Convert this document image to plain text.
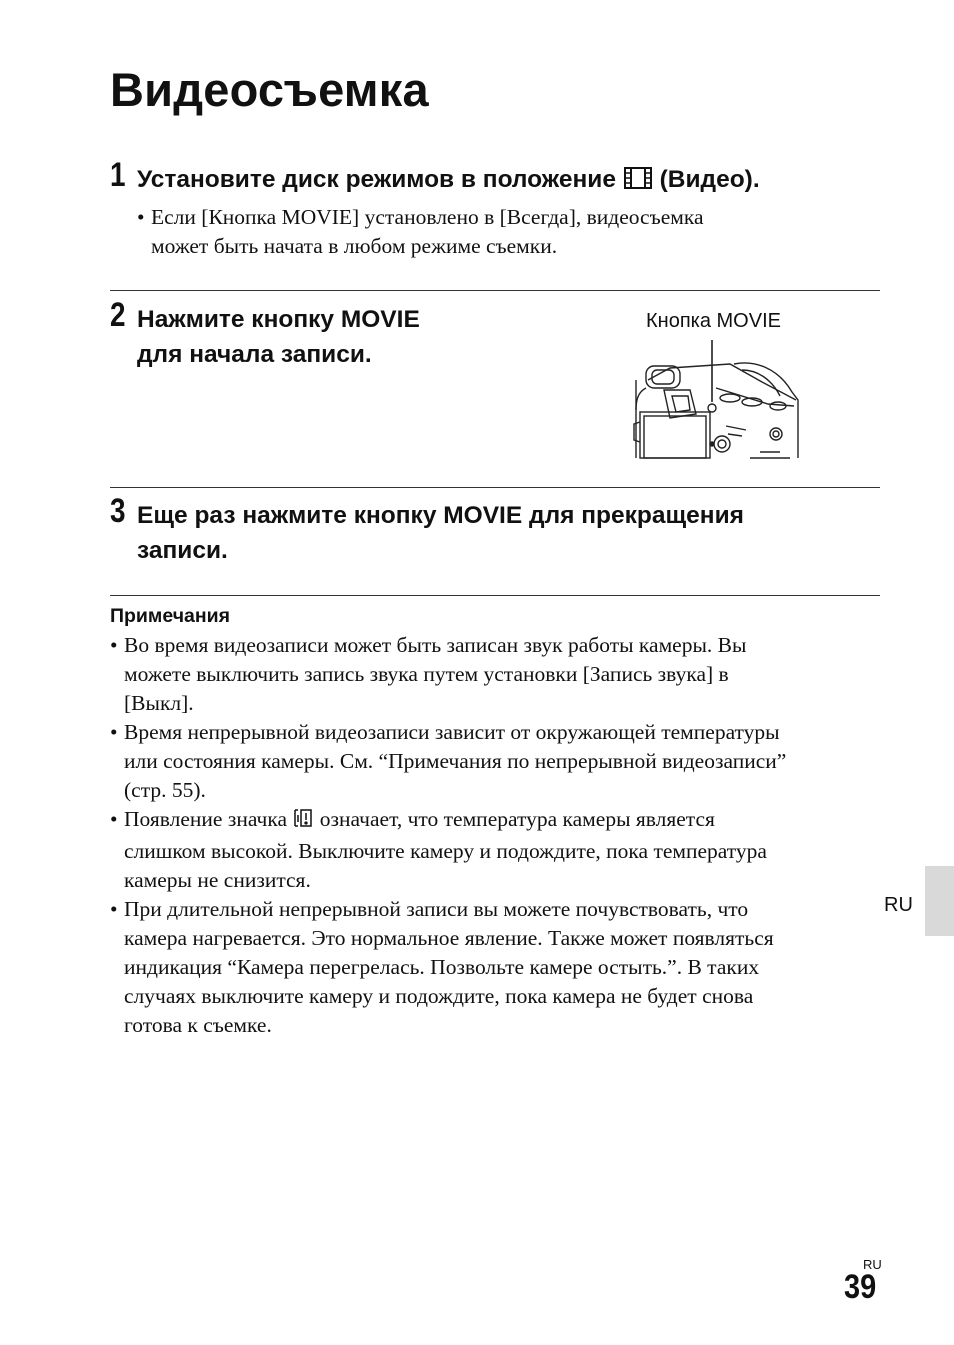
Видеосъемка
1 Установите диск режимов в положение (Видео).
• Если [Кнопка MOVIE] установлено в [Всегда], видеосъемка
может быть начата в любом режиме съемки.
2 Нажмите кнопку MOVIE
для начала записи.
Кнопка MOVIE
3 Еще раз нажмите кнопку MOVIE для прекращения
записи.
Примечания
• Во время видеозаписи может быть записан звук работы камеры. Вы
можете выключить запись звука путем установки [Запись звука] в
[Выкл].
• Время непрерывной видеозаписи зависит от окружающей температуры
или состояния камеры. См. “Примечания по непрерывной видеозаписи”
(стр. 55).
• Появление значка означает, что температура камеры является
слишком высокой. Выключите камеру и подождите, пока температура
камеры не снизится.
• При длительной непрерывной записи вы можете почувствовать, что
камера нагревается. Это нормальное явление. Также может появляться
индикация “Камера перегрелась. Позвольте камере остыть.”. В таких
случаях выключите камеру и подождите, пока камера не будет снова
готова к съемке.
RU
RU
39
